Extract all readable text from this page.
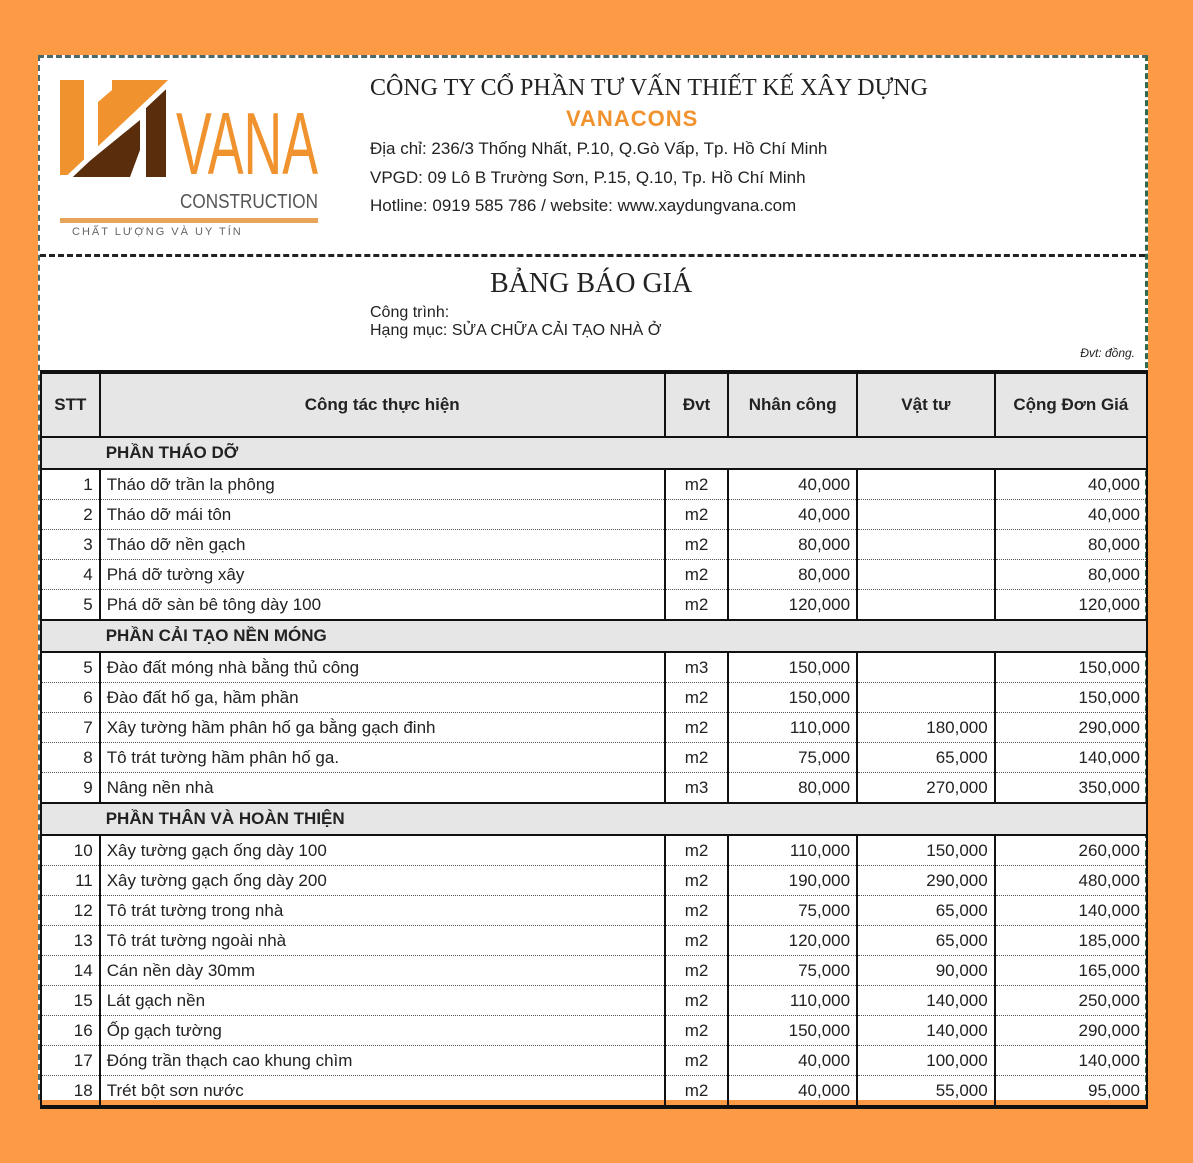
VANA
CONSTRUCTION
CHẤT LƯỢNG VÀ UY TÍN
CÔNG TY CỔ PHẦN TƯ VẤN THIẾT KẾ XÂY DỰNG
VANACONS
Địa chỉ: 236/3 Thống Nhất, P.10, Q.Gò Vấp, Tp. Hồ Chí Minh
VPGD: 09 Lô B Trường Sơn, P.15, Q.10, Tp. Hồ Chí Minh
Hotline: 0919 585 786 / website: www.xaydungvana.com
BẢNG BÁO GIÁ
Công trình:
Hạng mục: SỬA CHỮA CẢI TẠO NHÀ Ở
Đvt: đồng.
STT	Công tác thực hiện	Đvt	Nhân công	Vật tư	Cộng Đơn Giá
	PHẦN THÁO DỠ				
1	Tháo dỡ trần la phông	m2	40,000		40,000
2	Tháo dỡ mái tôn	m2	40,000		40,000
3	Tháo dỡ nền gạch	m2	80,000		80,000
4	Phá dỡ tường xây	m2	80,000		80,000
5	Phá dỡ sàn bê tông dày 100	m2	120,000		120,000
	PHẦN CẢI TẠO NỀN MÓNG				
5	Đào đất móng nhà bằng thủ công	m3	150,000		150,000
6	Đào đất hố ga, hầm phần	m2	150,000		150,000
7	Xây tường hầm phân hố ga bằng gạch đinh	m2	110,000	180,000	290,000
8	Tô trát tường hầm phân hố ga.	m2	75,000	65,000	140,000
9	Nâng nền nhà	m3	80,000	270,000	350,000
	PHẦN THÂN VÀ HOÀN THIỆN				
10	Xây tường gạch ống dày 100	m2	110,000	150,000	260,000
11	Xây tường gạch ống dày 200	m2	190,000	290,000	480,000
12	Tô trát tường trong nhà	m2	75,000	65,000	140,000
13	Tô trát tường ngoài nhà	m2	120,000	65,000	185,000
14	Cán nền dày 30mm	m2	75,000	90,000	165,000
15	Lát gạch nền	m2	110,000	140,000	250,000
16	Ốp gạch tường	m2	150,000	140,000	290,000
17	Đóng trần thạch cao khung chìm	m2	40,000	100,000	140,000
18	Trét bột sơn nước	m2	40,000	55,000	95,000
